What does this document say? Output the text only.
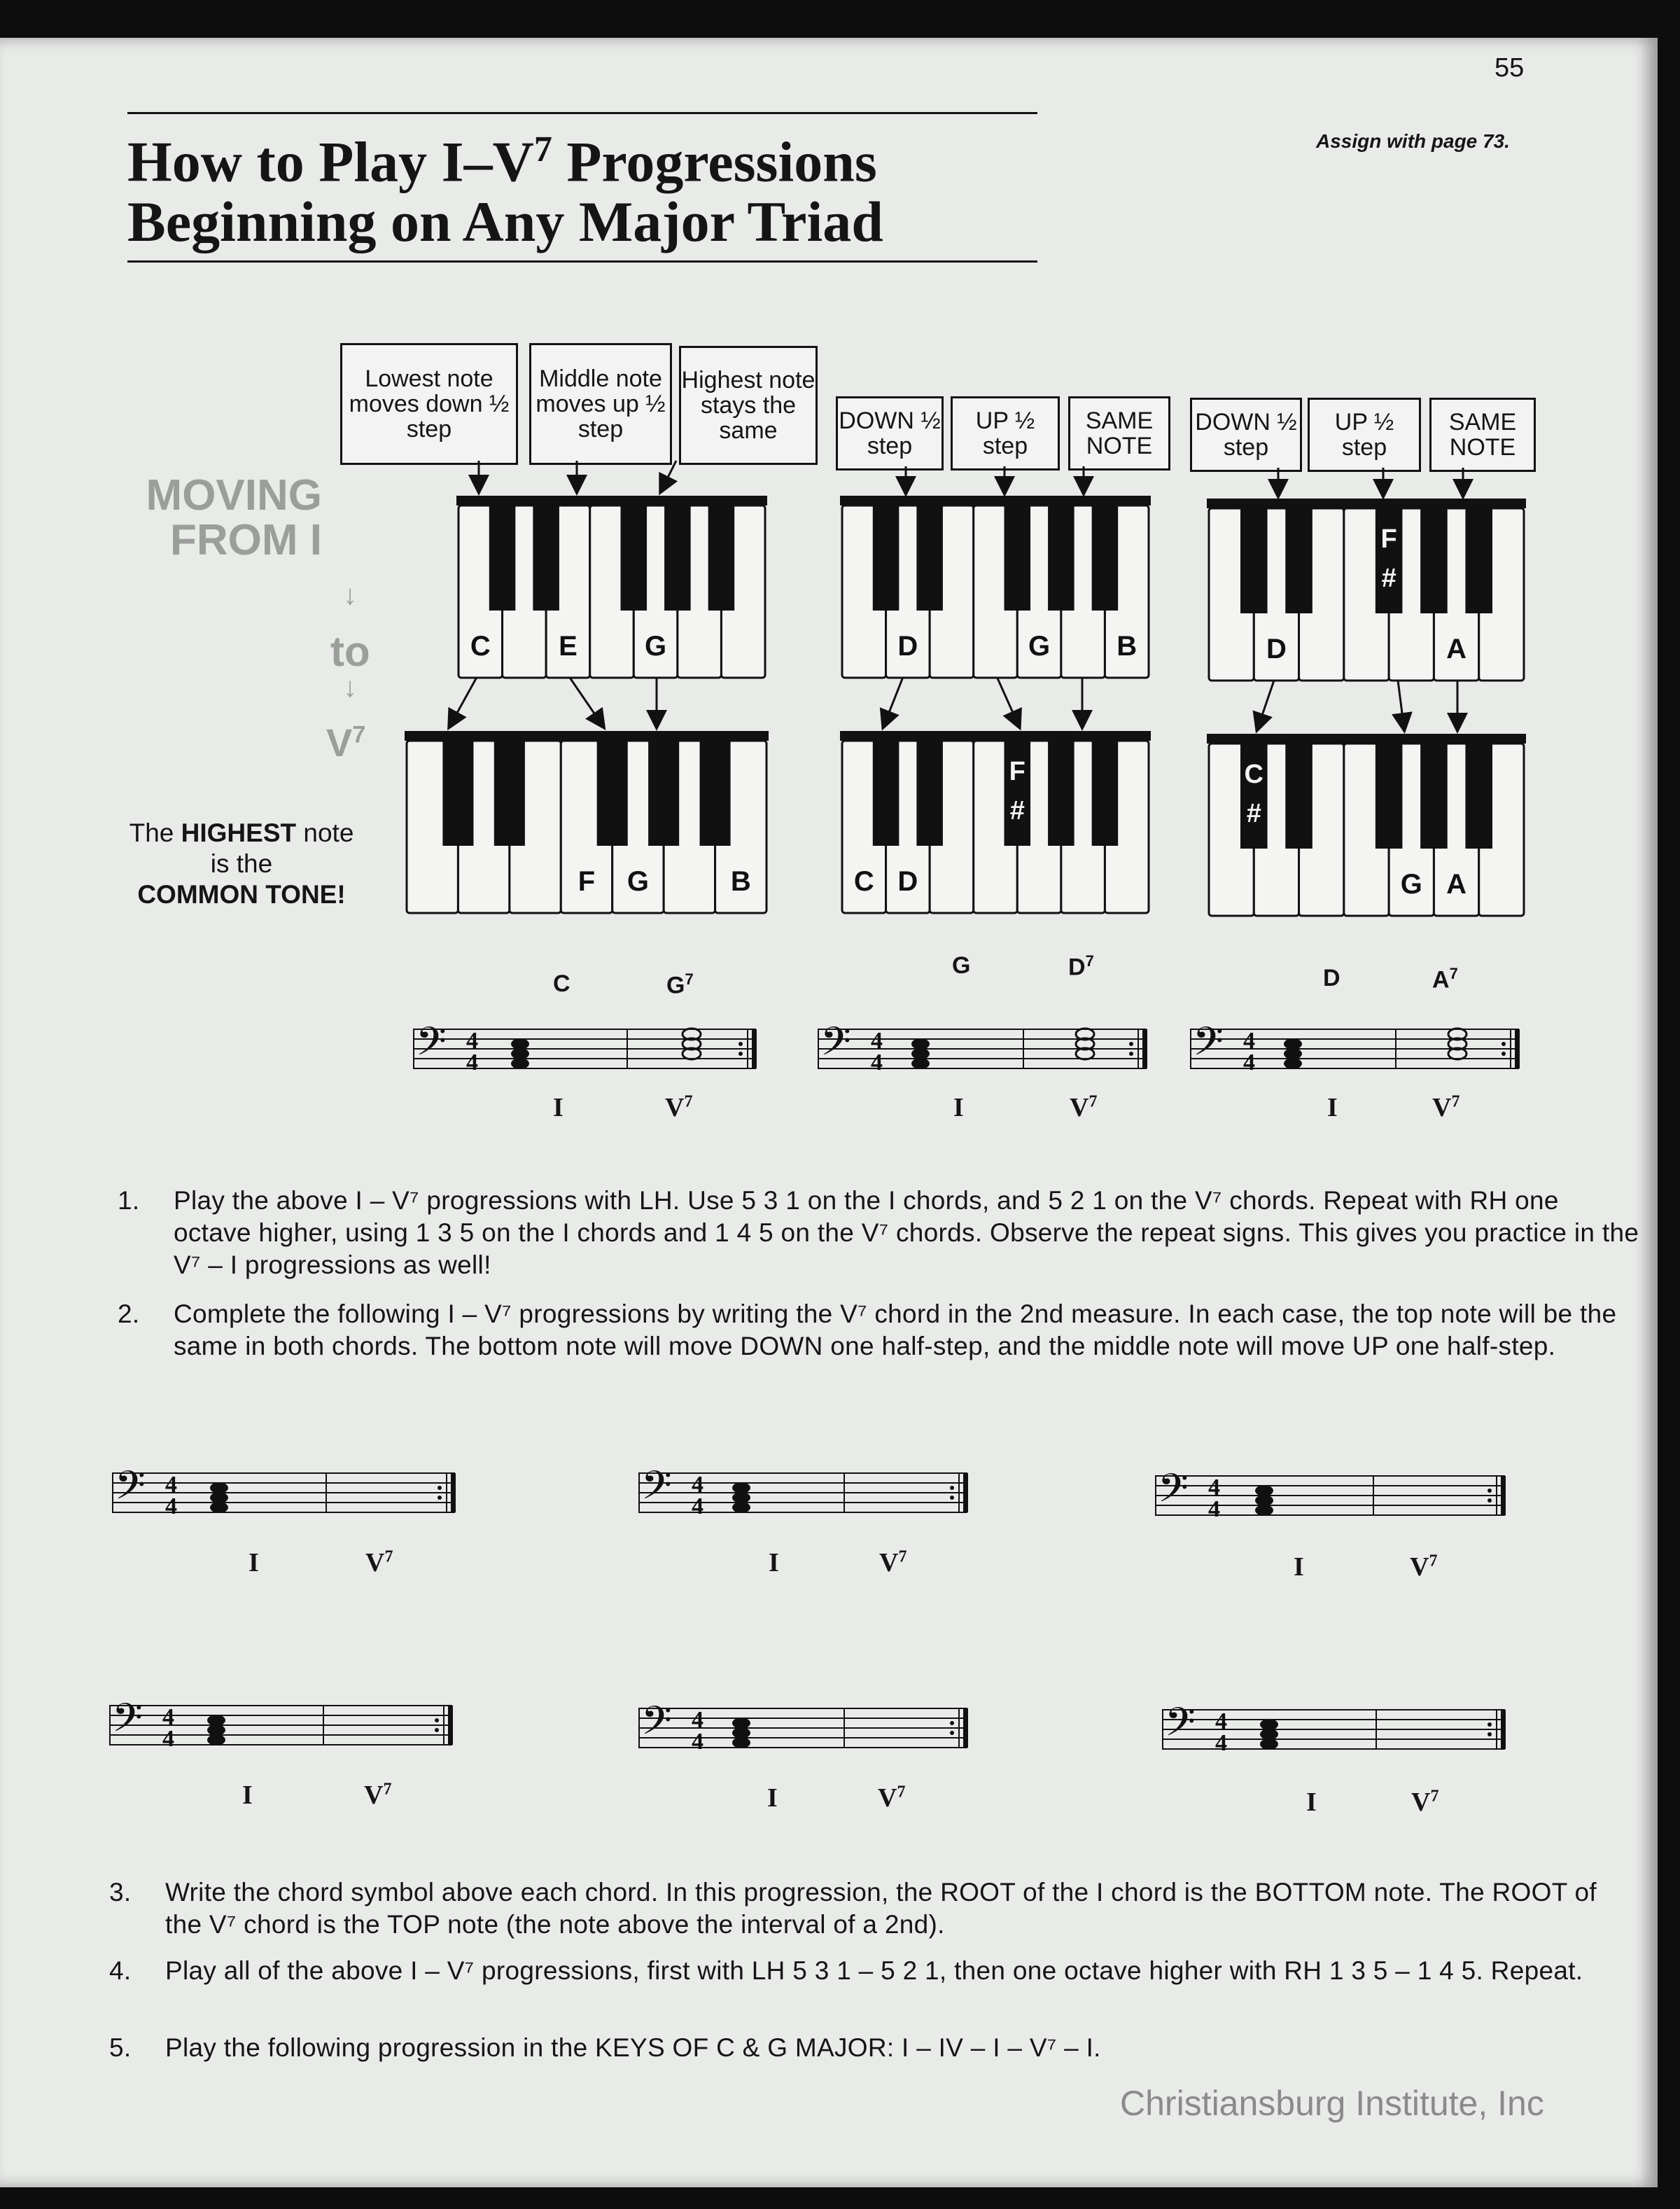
55
Assign with page 73.
How to Play $I-V^7$ Progressions
Beginning on Any Major Triad
MOVING
FROM I
↓
to
↓
$V^7$
The HIGHEST note
is the
COMMON TONE!
Lowest note moves down ½ step
Middle note moves up ½ step
Highest note stays the same	DOWN ½ step
UP ½ step
SAME NOTE
DOWN ½ step
UP ½ step
SAME NOTE
C E G
B
F G
G B
D
F
#
C D
D
F
#
A
C
#
G A
C	$G^7$
G	$D^7$
D	$A^7$
𝄢 4
4	𝄢 4
4	𝄢 4
4
I	$V^7$	I	$V^7$	I	$V^7$
1. Play the above I – V⁷ progressions with LH. Use 5 3 1 on the I chords, and 5 2 1 on the V⁷ chords. Repeat with RH one octave higher, using 1 3 5 on the I chords and 1 4 5 on the V⁷ chords. Observe the repeat signs. This gives you practice in the V⁷ – I progressions as well!
2. Complete the following I – V⁷ progressions by writing the V⁷ chord in the 2nd measure. In each case, the top note will be the same in both chords. The bottom note will move DOWN one half-step, and the middle note will move UP one half-step.
𝄢 4
4	𝄢 4
4	𝄢 4
4
𝄢 4
4	𝄢 4
4	𝄢 4
4
I	$V^7$	I	$V^7$	I	$V^7$
I	$V^7$	I	$V^7$	I	$V^7$
3. Write the chord symbol above each chord. In this progression, the ROOT of the I chord is the BOTTOM note. The ROOT of the V⁷ chord is the TOP note (the note above the interval of a 2nd).
4. Play all of the above I – V⁷ progressions, first with LH 5 3 1 – 5 2 1, then one octave higher with RH 1 3 5 – 1 4 5. Repeat.
5. Play the following progression in the KEYS OF C & G MAJOR: I – IV – I – V⁷ – I.
Christiansburg Institute, Inc
